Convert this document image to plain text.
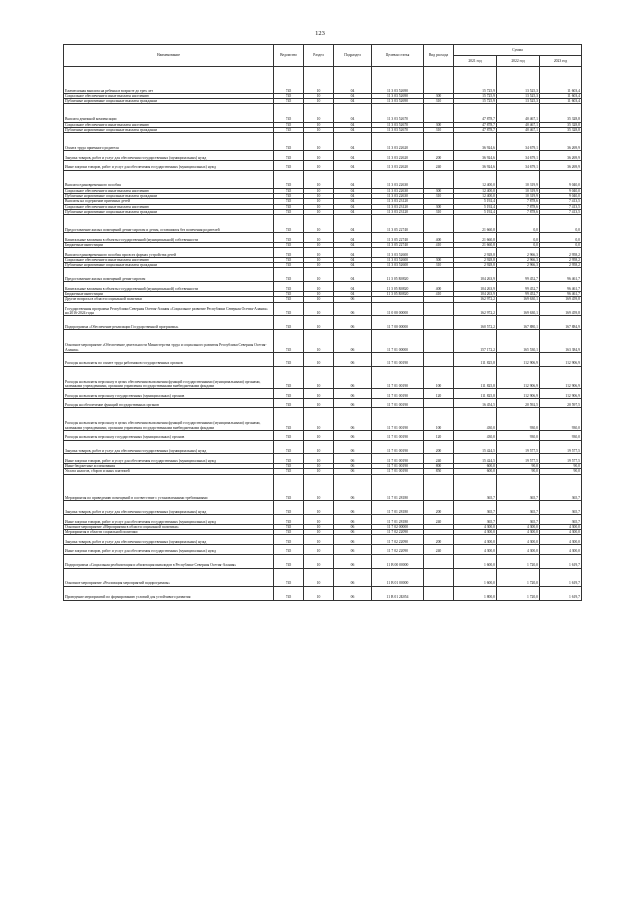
123
Наименование	Ведомство	Раздел	Подраздел	Целевая статья	Вид расхода	Сумма		
						2021 год	2022 год	2023 год
Ежемесячная выплата на ребенка в возрасте до трех лет	745	10	04	11 3 03 52690		15 725,9	13 525,3	11 603,4
Социальное обеспечение и иные выплаты населению	745	10	04	11 3 03 52690	300	15 725,9	13 525,3	11 603,4
Публичные нормативные социальные выплаты гражданам	745	10	04	11 3 03 52690	310	15 725,9	13 525,3	11 603,4
Выплата денежной компенсации	745	10	04	11 3 03 52670		47 878,7	40 467,1	35 328,8
Социальное обеспечение и иные выплаты населению	745	10	04	11 3 03 52670	300	47 878,7	40 467,1	35 328,8
Публичные нормативные социальные выплаты гражданам	745	10	04	11 3 03 52670	310	47 878,7	40 467,1	35 328,8
Оплата труда приемного родителя	745	10	04	11 3 03 22620		36 924,6	34 679,1	36 269,9
Закупка товаров, работ и услуг для обеспечения государственных (муниципальных) нужд	745	10	04	11 3 03 22620	200	36 924,6	34 679,1	36 269,9
Иные закупки товаров, работ и услуг для обеспечения государственных (муниципальных) нужд	745	10	04	11 3 03 22620	240	36 924,6	34 679,1	36 269,9
Выплата единовременного пособия	745	10	04	11 3 03 22630		12 400,0	10 319,9	9 040,0
Социальное обеспечение и иные выплаты населению	745	10	04	11 3 03 22630	300	12 400,0	10 319,9	9 040,0
Публичные нормативные социальные выплаты гражданам	745	10	04	11 3 03 22630	310	12 400,0	10 319,9	9 040,0
Выплаты на содержение приемных детей	745	10	04	11 3 03 23120		5 192,4	7 878,6	7 413,5
Социальное обеспечение и иные выплаты населению	745	10	04	11 3 03 23120	300	5 192,4	7 878,6	7 413,5
Публичные нормативные социальные выплаты гражданам	745	10	04	11 3 03 23120	310	5 192,4	7 878,6	7 413,5
Предоставление жилых помещений детям-сиротам и детям, оставшимся без попечения родителей	745	10	04	11 3 05 22740		21 660,8	0,0	0,0
Капитальные вложения в объекты государственной (муниципальной) собственности	745	10	04	11 3 05 22740	400	21 660,8	0,0	0,0
Бюджетные инвестиции	745	10	04	11 3 05 22740	410	21 660,8	0,0	0,0
Выплата единовременного пособия при всех формах устройства детей	745	10	04	11 3 03 52600		2 928,8	2 966,3	2 958,2
Социальное обеспечение и иные выплаты населению	745	10	04	11 3 03 52600	300	2 928,8	2 966,3	2 958,2
Публичные нормативные социальные выплаты гражданам	745	10	04	11 3 03 52600	310	2 928,8	2 966,3	2 958,2
Предоставление жилых помещений детям-сиротам	745	10	04	11 3 05 R0820		104 263,9	99 452,7	96 461,7
Капитальные вложения в объекты государственной (муниципальной) собственности	745	10	04	11 3 05 R0820	400	104 263,9	99 452,7	96 461,7
Бюджетные инвестиции	745	10	04	11 3 05 R0820	410	104 263,9	99 452,7	96 461,7
Другие вопросы в области социальной политики	745	10	06			162 972,2	169 630,1	169 459,8
Государственная программа Республики Северная Осетия-Алания «Социальное развитие Республики Северная Осетия-Алания» на 2016-2024 годы	745	10	06	11 0 00 00000		162 972,2	169 630,1	169 459,8
Подпрограмма «Обеспечение реализации Государственной программы»	745	10	06	11 7 00 00000		160 572,2	167 880,1	167 884,9
Основное мероприятие «Обеспечение деятельности Министерства труда и социального развития Республики Северная Осетия-Алания»	745	10	06	11 7 01 00000		157 172,2	165 530,1	163 384,9
Расходы на выплаты по оплате труда работников государственных органов	745	10	06	11 7 01 00190		111 825,8	112 906,9	112 906,9
Расходы на выплаты персоналу в целях обеспечения выполнения функций государственными (муниципальными) органами, казенными учреждениями, органами управления государственными внебюджетными фондами	745	10	06	11 7 01 00190	100	111 825,8	112 906,9	112 906,9
Расходы на выплаты персоналу государственных (муниципальных) органов	745	10	06	11 7 01 00190	120	111 825,8	112 906,9	112 906,9
Расходы на обеспечение функций государственных органов	745	10	06	11 7 01 00190		16 454,5	20 592,5	20 597,5
Расходы на выплаты персоналу в целях обеспечения выполнения функций государственными (муниципальными) органами, казенными учреждениями, органами управления государственными внебюджетными фондами	745	10	06	11 7 01 00190	100	430,0	930,0	930,0
Расходы на выплаты персоналу государственных (муниципальных) органов	745	10	06	11 7 01 00190	120	430,0	930,0	930,0
Закупка товаров, работ и услуг для обеспечения государственных (муниципальных) нужд	745	10	06	11 7 01 00190	200	15 424,5	19 577,5	19 577,5
Иные закупки товаров, работ и услуг для обеспечения государственных (муниципальных) нужд	745	10	06	11 7 01 00190	240	15 424,5	19 577,5	19 577,5
Иные бюджетные ассигнования	745	10	06	11 7 01 00190	800	600,0	90,0	90,0
Уплата налогов, сборов и иных платежей	745	10	06	11 7 01 00190	850	600,0	90,0	90,0
Мероприятия по приведению помещений в соответствие с установленными требованиями	745	10	06	11 7 01 28180		365,7	365,7	365,7
Закупка товаров, работ и услуг для обеспечения государственных (муниципальных) нужд	745	10	06	11 7 01 28180	200	365,7	365,7	365,7
Иные закупки товаров, работ и услуг для обеспечения государственных (муниципальных) нужд	745	10	06	11 7 01 28180	240	365,7	365,7	365,7
Основное мероприятие «Мероприятия в области социальной политики»	745	10	06	11 7 02 00000		4 300,0	4 300,0	4 300,0
Мероприятия в области социальной политики	745	10	06	11 7 02 22090		4 300,0	4 300,0	4 300,0
Закупка товаров, работ и услуг для обеспечения государственных (муниципальных) нужд	745	10	06	11 7 02 22090	200	4 300,0	4 300,0	4 300,0
Иные закупки товаров, работ и услуг для обеспечения государственных (муниципальных) нужд	745	10	06	11 7 02 22090	240	4 300,0	4 300,0	4 300,0
Подпрограмма «Социальная реабилитация и абилитация инвалидов в Республике Северная Осетия-Алания»	745	10	06	11 В 00 00000		1 600,0	1 720,0	1 619,7
Основное мероприятие «Реализация мероприятий подпрограммы»	745	10	06	11 В 01 00000		1 600,0	1 720,0	1 619,7
Проведение мероприятий по формированию условий для устойчивого развития	745	10	06	11 В 01 2Б054		1 800,0	1 720,0	1 619,7
